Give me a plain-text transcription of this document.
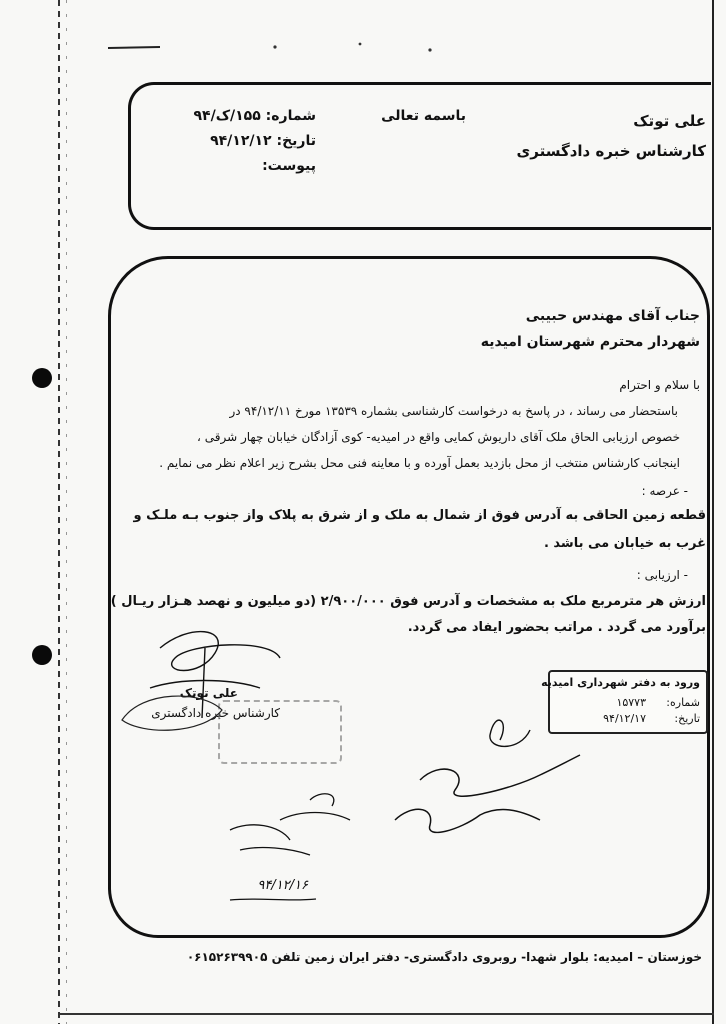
علی توتک
کارشناس خبره دادگستری
باسمه تعالی
شماره: ۱۵۵/ک/۹۴
تاریخ: ۹۴/۱۲/۱۲
پیوست:
جناب آقای مهندس حبیبی
شهردار محترم شهرستان امیدیه
با سلام و احترام
باستحضار می رساند ، در پاسخ به درخواست کارشناسی بشماره ۱۳۵۳۹ مورخ ۹۴/۱۲/۱۱ در
خصوص ارزیابی الحاق ملک آقای داریوش کمایی واقع در امیدیه- کوی آزادگان خیابان چهار شرقی ،
اینجانب کارشناس منتخب از محل بازدید بعمل آورده و با معاینه فنی محل بشرح زیر اعلام نظر می نمایم .
- عرصه :
قطعه زمین الحاقی به آدرس فوق از شمال به ملک و از شرق به پلاک واز جنوب بـه ملـک و
غرب به خیابان می باشد .
- ارزیابی :
ارزش هر مترمربع ملک به مشخصات و آدرس فوق ۲/۹۰۰/۰۰۰ (دو میلیون و نهصد هـزار ریـال )
برآورد می گردد . مراتب بحضور ایفاد می گردد.
علی توتک
کارشناس خبره دادگستری
ورود به دفتر شهرداری امیدیه
شماره:
۱۵۷۷۳
تاریخ:
۹۴/۱۲/۱۷
۹۴/۱۲/۱۶
خوزستان – امیدیه: بلوار شهدا- روبروی دادگستری- دفتر ایران زمین تلفن ۰۶۱۵۲۶۳۹۹۰۵
